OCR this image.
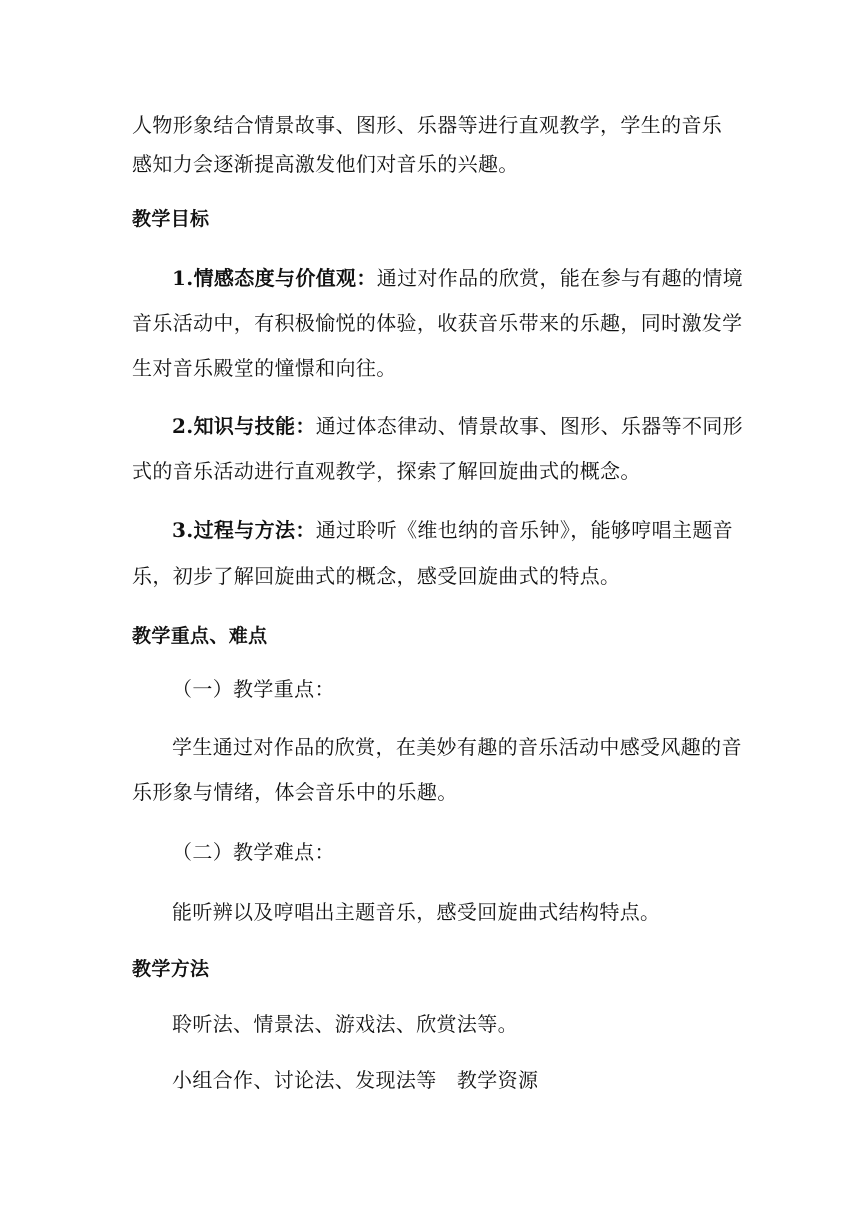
人物形象结合情景故事、图形、乐器等进行直观教学，学生的音乐
感知力会逐渐提高激发他们对音乐的兴趣。
教学目标
1.情感态度与价值观：通过对作品的欣赏，能在参与有趣的情境
音乐活动中，有积极愉悦的体验，收获音乐带来的乐趣，同时激发学
生对音乐殿堂的憧憬和向往。
2.知识与技能：通过体态律动、情景故事、图形、乐器等不同形
式的音乐活动进行直观教学，探索了解回旋曲式的概念。
3.过程与方法：通过聆听《维也纳的音乐钟》，能够哼唱主题音
乐，初步了解回旋曲式的概念，感受回旋曲式的特点。
教学重点、难点
（一）教学重点：
学生通过对作品的欣赏，在美妙有趣的音乐活动中感受风趣的音
乐形象与情绪，体会音乐中的乐趣。
（二）教学难点：
能听辨以及哼唱出主题音乐，感受回旋曲式结构特点。
教学方法
聆听法、情景法、游戏法、欣赏法等。
小组合作、讨论法、发现法等　教学资源
